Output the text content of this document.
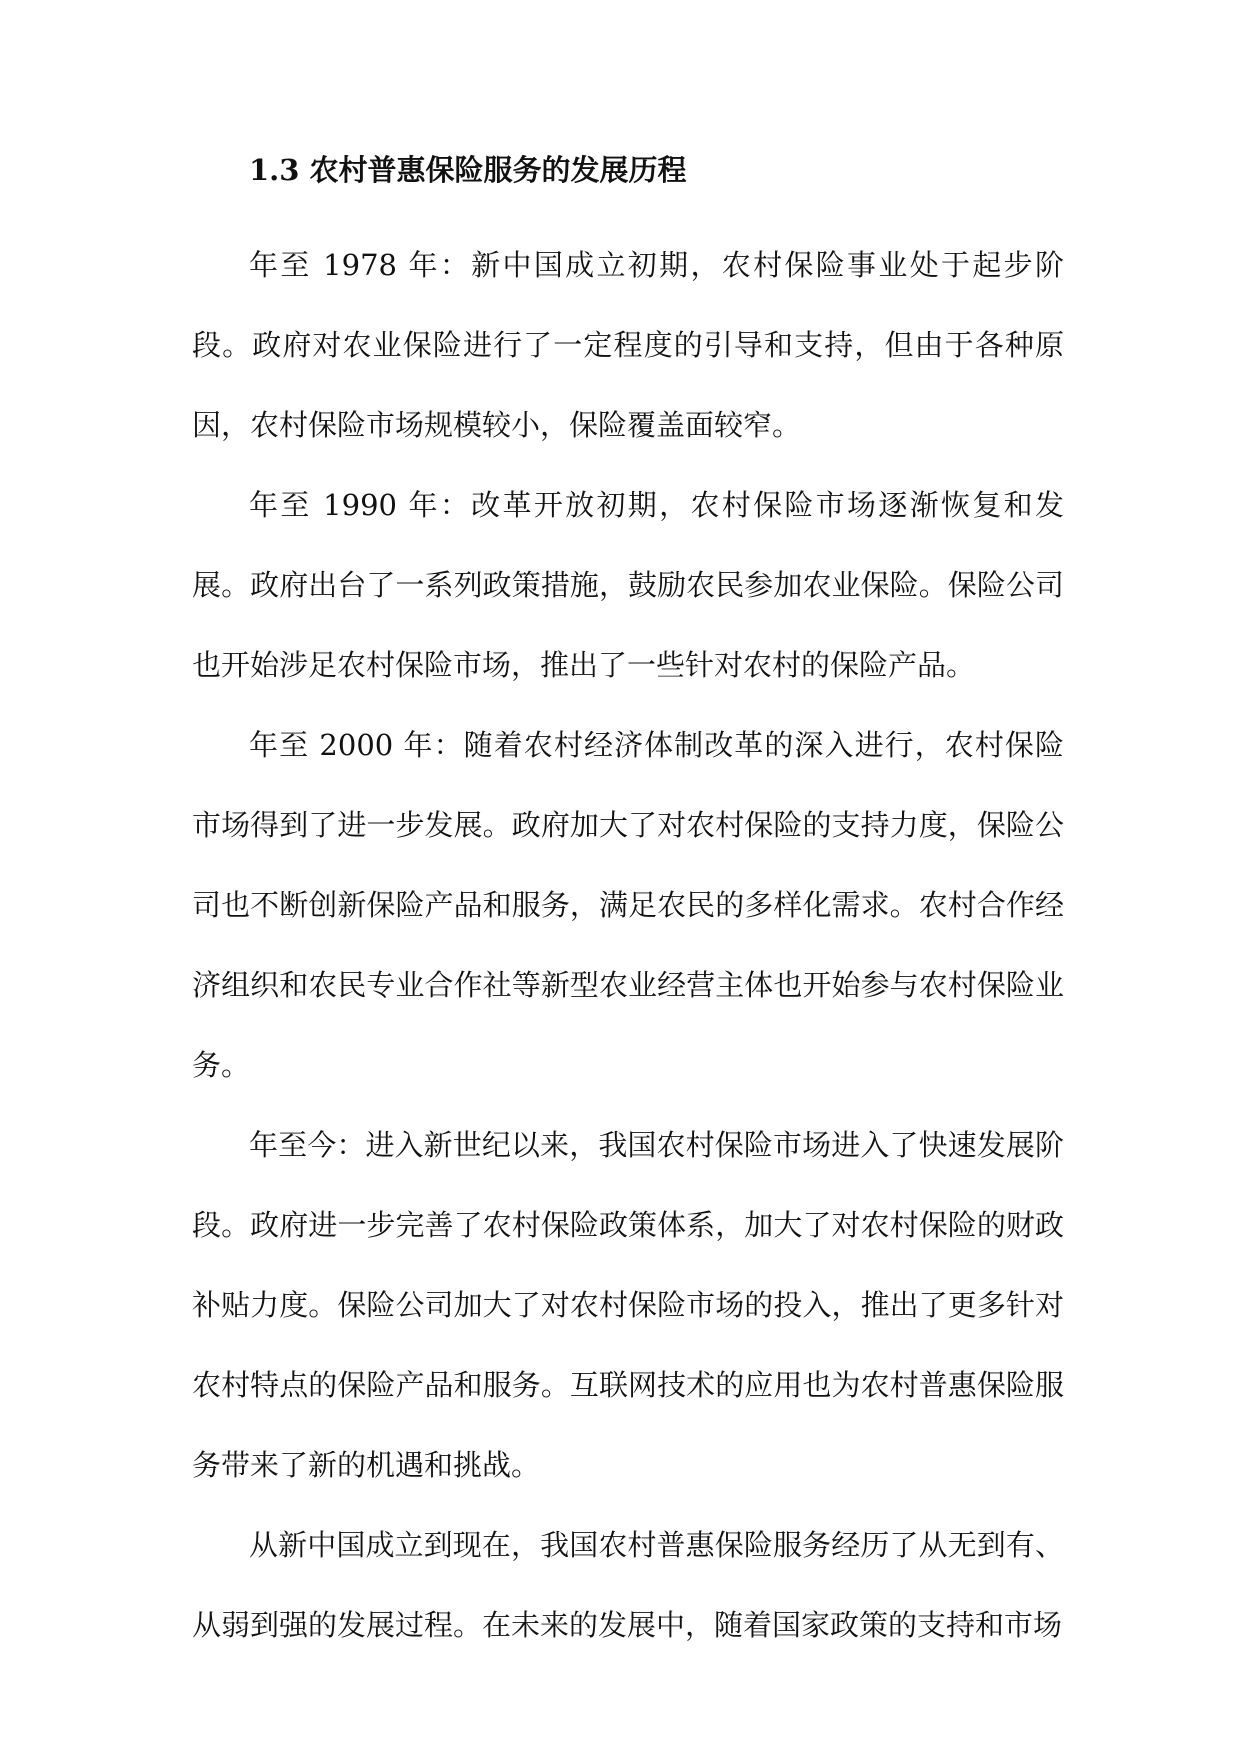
1.3 农村普惠保险服务的发展历程

年至 1978 年：新中国成立初期，农村保险事业处于起步阶段。政府对农业保险进行了一定程度的引导和支持，但由于各种原因，农村保险市场规模较小，保险覆盖面较窄。

年至 1990 年：改革开放初期，农村保险市场逐渐恢复和发展。政府出台了一系列政策措施，鼓励农民参加农业保险。保险公司也开始涉足农村保险市场，推出了一些针对农村的保险产品。

年至 2000 年：随着农村经济体制改革的深入进行，农村保险市场得到了进一步发展。政府加大了对农村保险的支持力度，保险公司也不断创新保险产品和服务，满足农民的多样化需求。农村合作经济组织和农民专业合作社等新型农业经营主体也开始参与农村保险业务。

年至今：进入新世纪以来，我国农村保险市场进入了快速发展阶段。政府进一步完善了农村保险政策体系，加大了对农村保险的财政补贴力度。保险公司加大了对农村保险市场的投入，推出了更多针对农村特点的保险产品和服务。互联网技术的应用也为农村普惠保险服务带来了新的机遇和挑战。

从新中国成立到现在，我国农村普惠保险服务经历了从无到有、从弱到强的发展过程。在未来的发展中，随着国家政策的支持和市场
